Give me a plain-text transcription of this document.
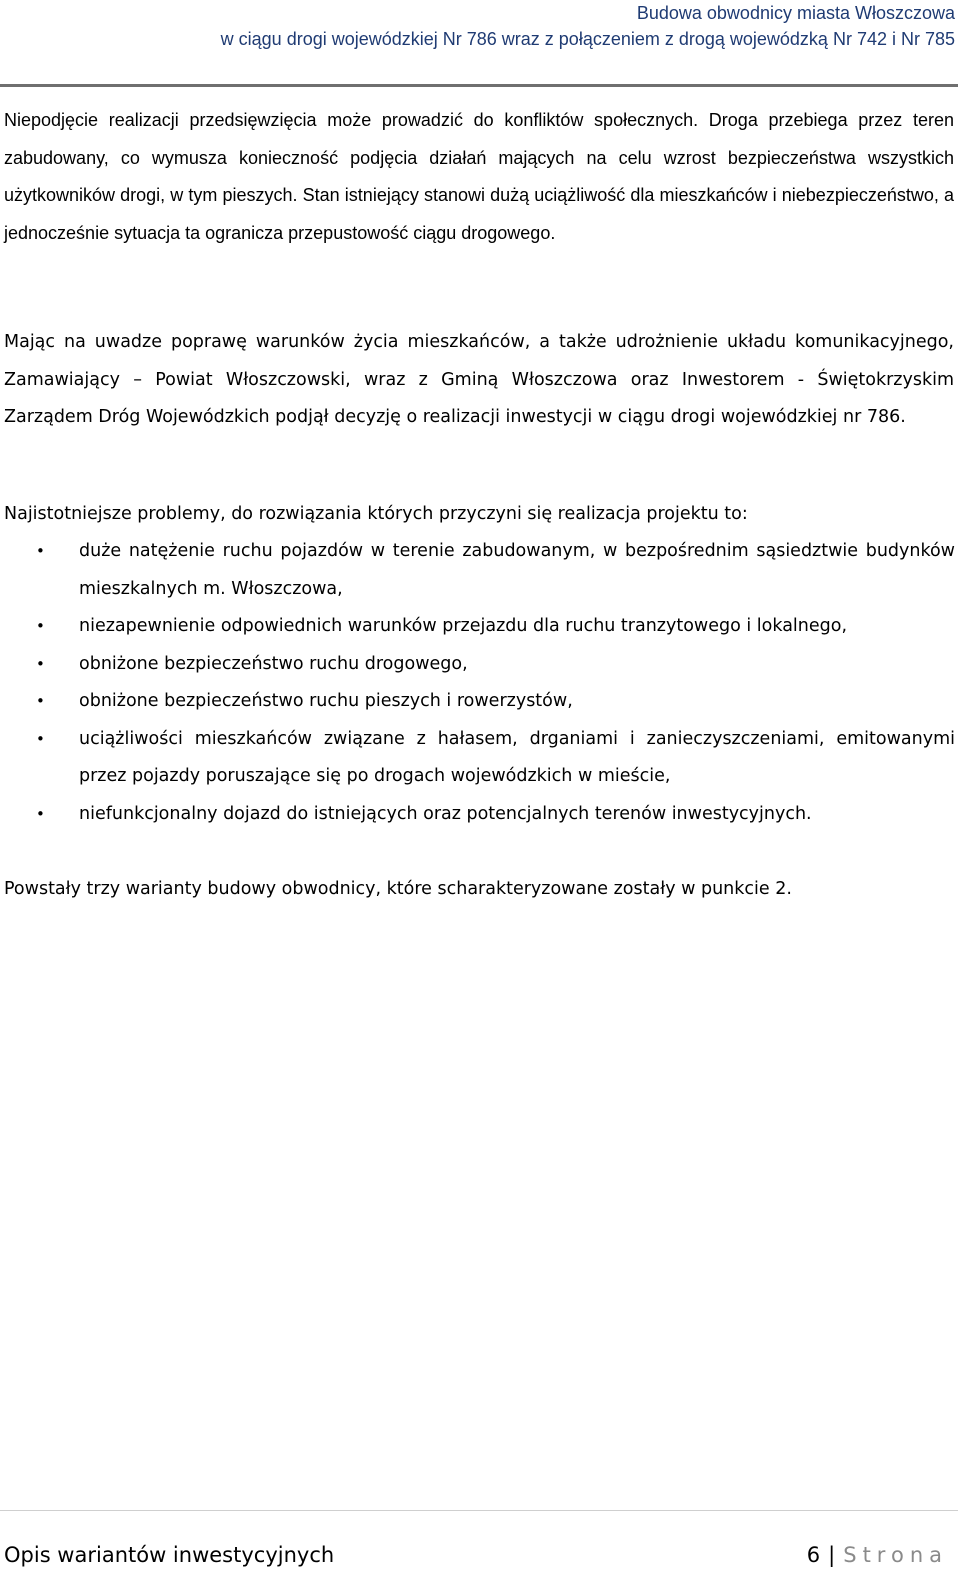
Budowa obwodnicy miasta Włoszczowa
w ciągu drogi wojewódzkiej Nr 786 wraz z połączeniem z drogą wojewódzką Nr 742 i Nr 785

Niepodjęcie realizacji przedsięwzięcia może prowadzić do konfliktów społecznych. Droga przebiega przez teren zabudowany, co wymusza konieczność podjęcia działań mających na celu wzrost bezpieczeństwa wszystkich użytkowników drogi, w tym pieszych. Stan istniejący stanowi dużą uciążliwość dla mieszkańców i niebezpieczeństwo, a jednocześnie sytuacja ta ogranicza przepustowość ciągu drogowego.

Mając na uwadze poprawę warunków życia mieszkańców, a także udrożnienie układu komunikacyjnego, Zamawiający – Powiat Włoszczowski, wraz z Gminą Włoszczowa oraz Inwestorem - Świętokrzyskim Zarządem Dróg Wojewódzkich podjął decyzję o realizacji inwestycji w ciągu drogi wojewódzkiej nr 786.

Najistotniejsze problemy, do rozwiązania których przyczyni się realizacja projektu to:

• duże natężenie ruchu pojazdów w terenie zabudowanym, w bezpośrednim sąsiedztwie budynków mieszkalnych m. Włoszczowa,
• niezapewnienie odpowiednich warunków przejazdu dla ruchu tranzytowego i lokalnego,
• obniżone bezpieczeństwo ruchu drogowego,
• obniżone bezpieczeństwo ruchu pieszych i rowerzystów,
• uciążliwości mieszkańców związane z hałasem, drganiami i zanieczyszczeniami, emitowanymi przez pojazdy poruszające się po drogach wojewódzkich w mieście,
• niefunkcjonalny dojazd do istniejących oraz potencjalnych terenów inwestycyjnych.

Powstały trzy warianty budowy obwodnicy, które scharakteryzowane zostały w punkcie 2.

Opis wariantów inwestycyjnych	6 | Strona
